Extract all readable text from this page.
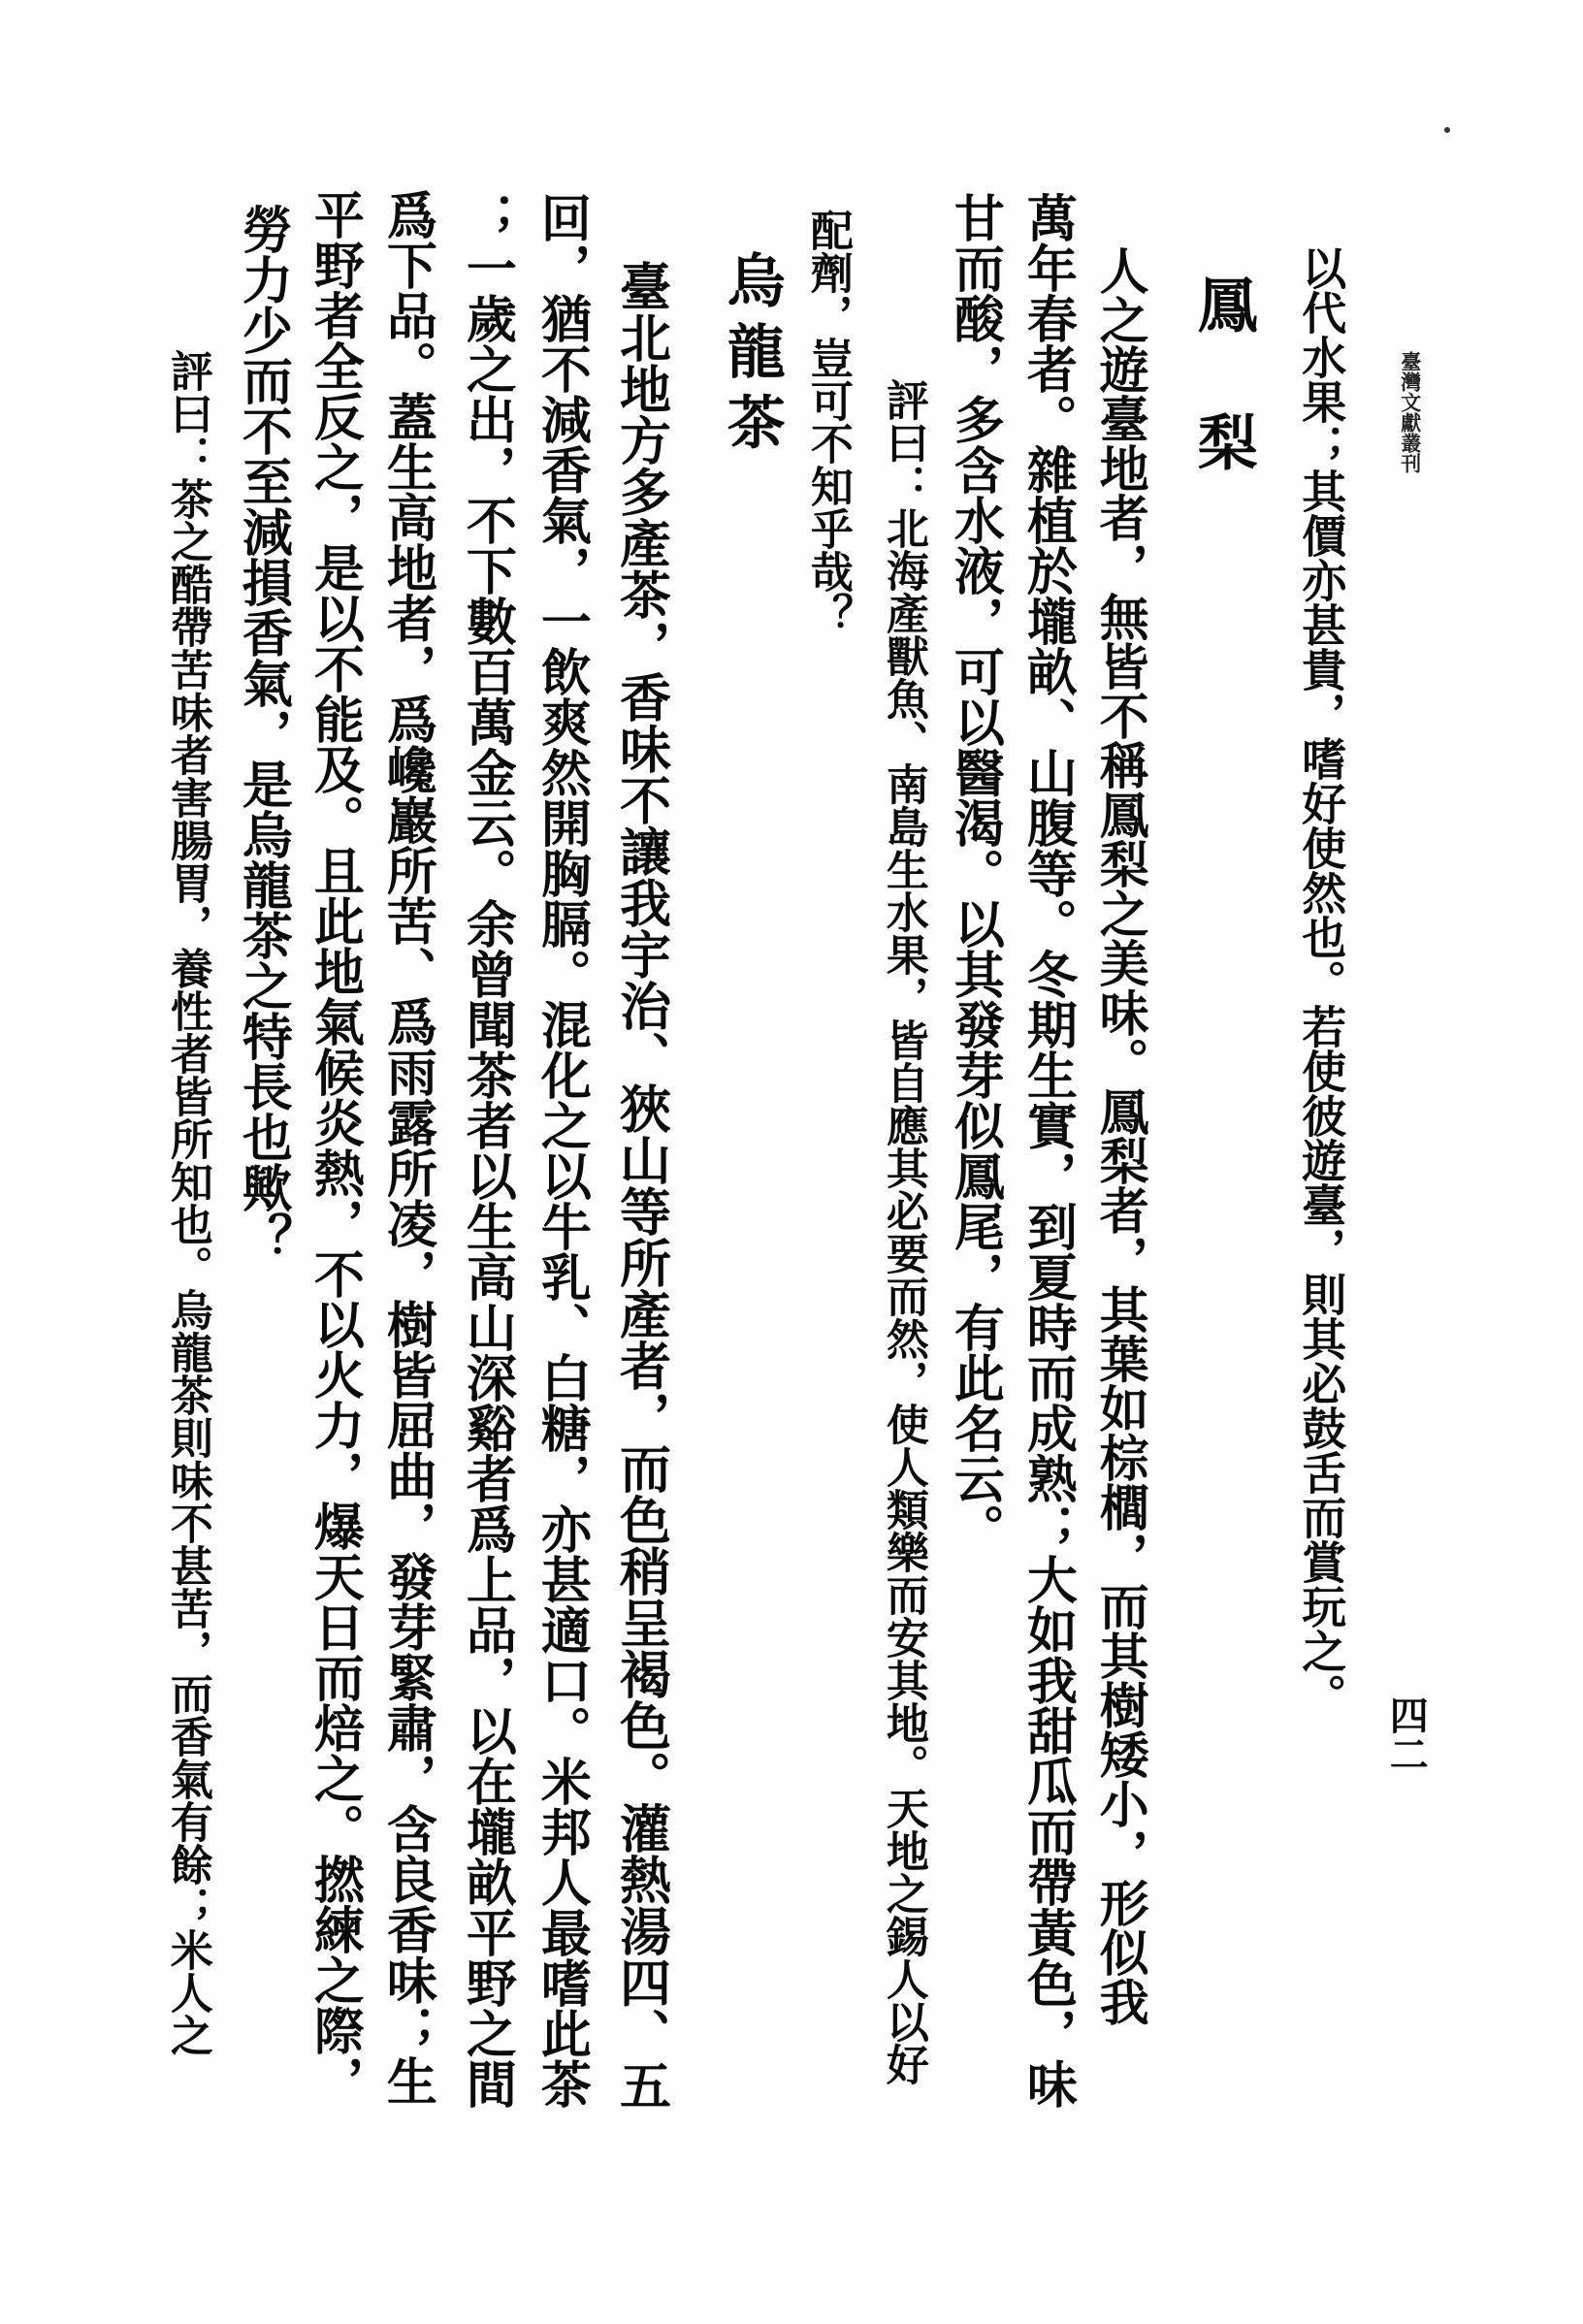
臺灣文獻叢刊
四二
以代水果；其價亦甚貴，嗜好使然也。若使彼遊臺，則其必鼓舌而賞玩之。
鳳梨
人之遊臺地者，無皆不稱鳳梨之美味。鳳梨者，其葉如棕櫚，而其樹矮小，形似我
萬年春者。雜植於壠畝、山腹等。冬期生實，到夏時而成熟；大如我甜瓜而帶黃色，味
甘而酸，多含水液，可以醫渴。以其發芽似鳳尾，有此名云。
評曰：北海產獸魚、南島生水果，皆自應其必要而然，使人類樂而安其地。天地之錫人以好
配劑，豈可不知乎哉？
烏龍茶
臺北地方多產茶，香味不讓我宇治、狹山等所產者，而色稍呈褐色。灌熱湯四、五
回，猶不減香氣，一飲爽然開胸膈。混化之以牛乳、白糖，亦甚適口。米邦人最嗜此茶
；一歲之出，不下數百萬金云。余曾聞茶者以生高山深谿者爲上品，以在壠畝平野之間
爲下品。蓋生高地者，爲巉巖所苦、爲雨露所凌，樹皆屈曲，發芽緊肅，含良香味；生
平野者全反之，是以不能及。且此地氣候炎熱，不以火力，爆天日而焙之。撚練之際，
勞力少而不至減損香氣，是烏龍茶之特長也歟？
評曰：茶之酷帶苦味者害腸胃，養性者皆所知也。烏龍茶則味不甚苦，而香氣有餘；米人之
